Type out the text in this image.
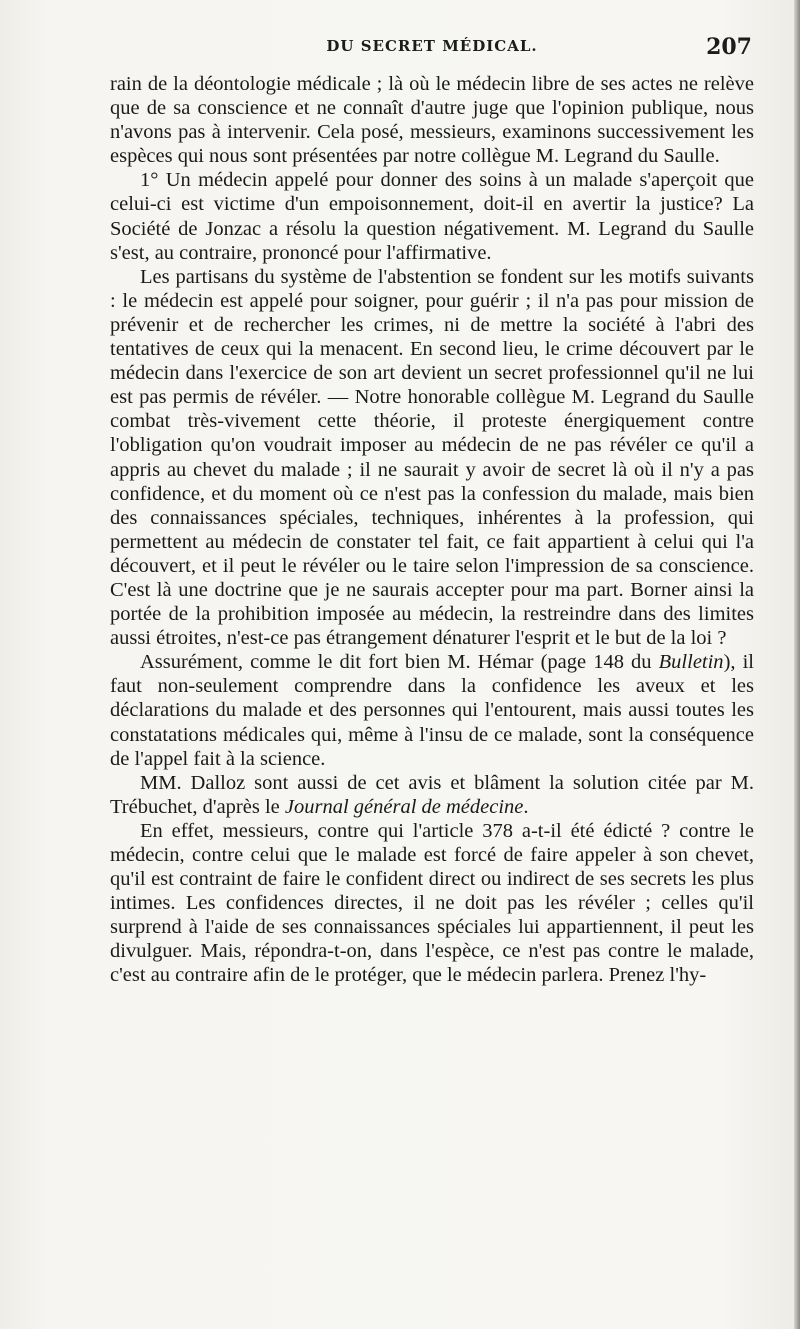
DU SECRET MÉDICAL.	207

rain de la déontologie médicale ; là où le médecin libre de ses actes ne relève que de sa conscience et ne connaît d'autre juge que l'opinion publique, nous n'avons pas à intervenir. Cela posé, messieurs, examinons successivement les espèces qui nous sont présentées par notre collègue M. Legrand du Saulle.

1° Un médecin appelé pour donner des soins à un malade s'aperçoit que celui-ci est victime d'un empoisonnement, doit-il en avertir la justice? La Société de Jonzac a résolu la question négativement. M. Legrand du Saulle s'est, au contraire, prononcé pour l'affirmative.

Les partisans du système de l'abstention se fondent sur les motifs suivants : le médecin est appelé pour soigner, pour guérir ; il n'a pas pour mission de prévenir et de rechercher les crimes, ni de mettre la société à l'abri des tentatives de ceux qui la menacent. En second lieu, le crime découvert par le médecin dans l'exercice de son art devient un secret professionnel qu'il ne lui est pas permis de révéler. — Notre honorable collègue M. Legrand du Saulle combat très-vivement cette théorie, il proteste énergiquement contre l'obligation qu'on voudrait imposer au médecin de ne pas révéler ce qu'il a appris au chevet du malade ; il ne saurait y avoir de secret là où il n'y a pas confidence, et du moment où ce n'est pas la confession du malade, mais bien des connaissances spéciales, techniques, inhérentes à la profession, qui permettent au médecin de constater tel fait, ce fait appartient à celui qui l'a découvert, et il peut le révéler ou le taire selon l'impression de sa conscience. C'est là une doctrine que je ne saurais accepter pour ma part. Borner ainsi la portée de la prohibition imposée au médecin, la restreindre dans des limites aussi étroites, n'est-ce pas étrangement dénaturer l'esprit et le but de la loi ?

Assurément, comme le dit fort bien M. Hémar (page 148 du Bulletin), il faut non-seulement comprendre dans la confidence les aveux et les déclarations du malade et des personnes qui l'entourent, mais aussi toutes les constatations médicales qui, même à l'insu de ce malade, sont la conséquence de l'appel fait à la science.

MM. Dalloz sont aussi de cet avis et blâment la solution citée par M. Trébuchet, d'après le Journal général de médecine.

En effet, messieurs, contre qui l'article 378 a-t-il été édicté ? contre le médecin, contre celui que le malade est forcé de faire appeler à son chevet, qu'il est contraint de faire le confident direct ou indirect de ses secrets les plus intimes. Les confidences directes, il ne doit pas les révéler ; celles qu'il surprend à l'aide de ses connaissances spéciales lui appartiennent, il peut les divulguer. Mais, répondra-t-on, dans l'espèce, ce n'est pas contre le malade, c'est au contraire afin de le protéger, que le médecin parlera. Prenez l'hy-
